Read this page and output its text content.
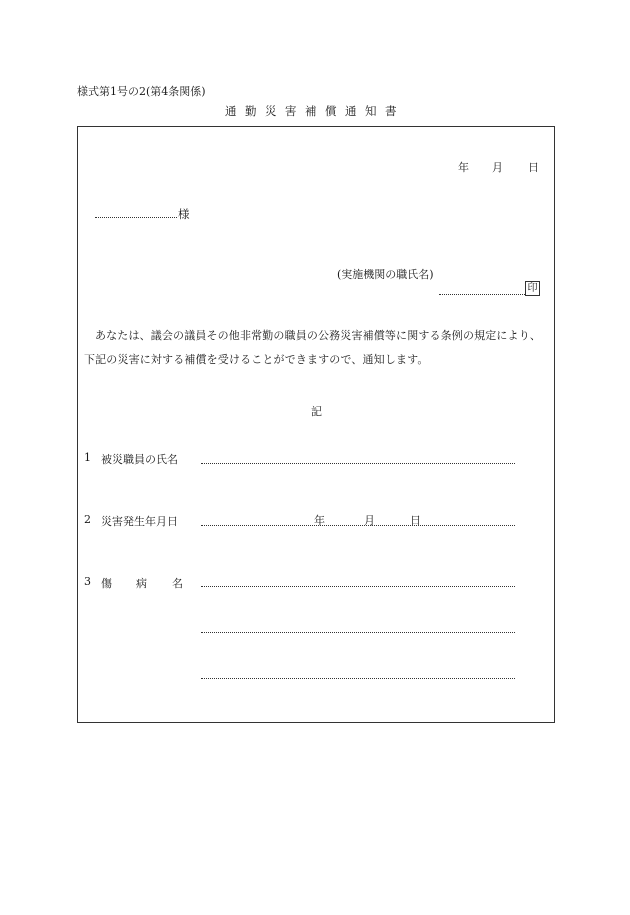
様式第1号の2(第4条関係)
通勤災害補償通知書
年 月 日
様
(実施機関の職氏名)
印
あなたは、議会の議員その他非常勤の職員の公務災害補償等に関する条例の規定により、下記の災害に対する補償を受けることができますので、通知します。
記
1 被災職員の氏名
2 災害発生年月日	年	月	日
3 傷 病 名
